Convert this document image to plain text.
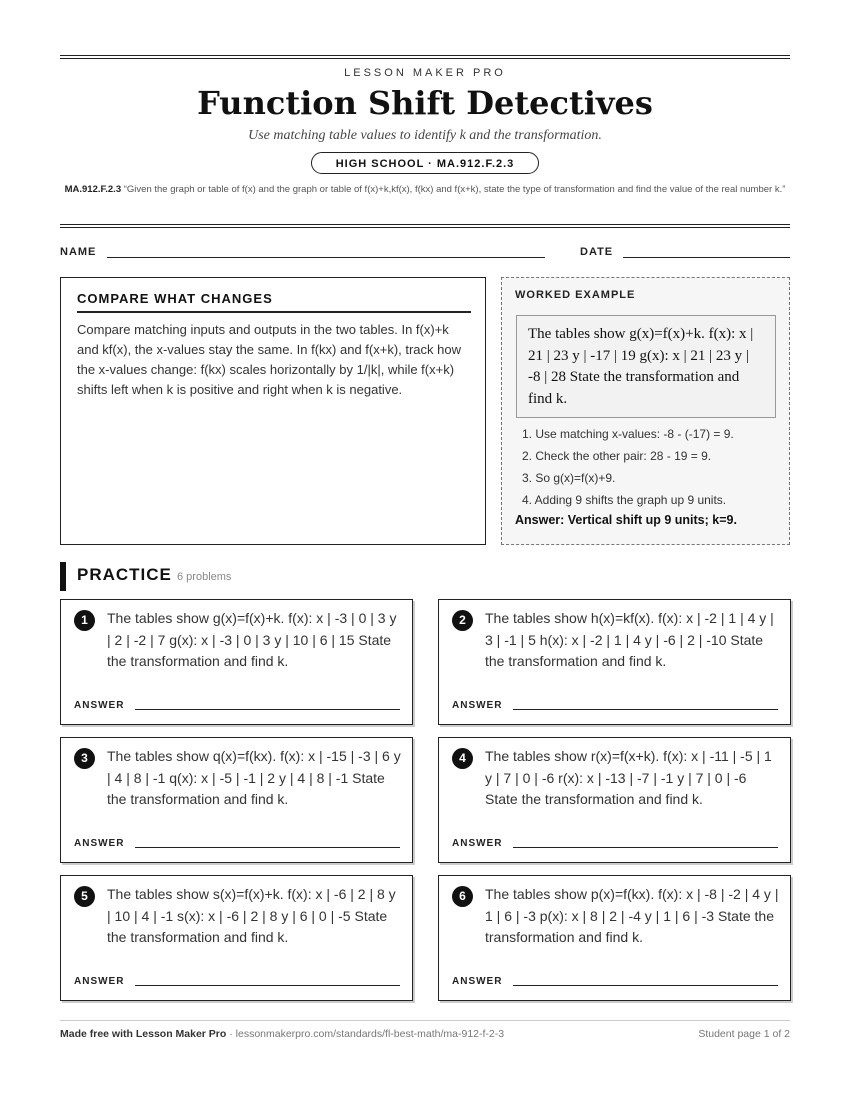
LESSON MAKER PRO
Function Shift Detectives
Use matching table values to identify k and the transformation.
HIGH SCHOOL · MA.912.F.2.3
MA.912.F.2.3 “Given the graph or table of f(x) and the graph or table of f(x)+k,kf(x), f(kx) and f(x+k), state the type of transformation and find the value of the real number k.”
NAME	DATE
COMPARE WHAT CHANGES
Compare matching inputs and outputs in the two tables. In f(x)+k and kf(x), the x-values stay the same. In f(kx) and f(x+k), track how the x-values change: f(kx) scales horizontally by 1/|k|, while f(x+k) shifts left when k is positive and right when k is negative.
WORKED EXAMPLE
The tables show g(x)=f(x)+k. f(x): x | 21 | 23 y | -17 | 19 g(x): x | 21 | 23 y | -8 | 28 State the transformation and find k.
1. Use matching x-values: -8 - (-17) = 9.
2. Check the other pair: 28 - 19 = 9.
3. So g(x)=f(x)+9.
4. Adding 9 shifts the graph up 9 units.
Answer: Vertical shift up 9 units; k=9.
PRACTICE 6 problems
1	The tables show g(x)=f(x)+k. f(x): x | -3 | 0 | 3 y | 2 | -2 | 7 g(x): x | -3 | 0 | 3 y | 10 | 6 | 15 State the transformation and find k.
ANSWER
2	The tables show h(x)=kf(x). f(x): x | -2 | 1 | 4 y | 3 | -1 | 5 h(x): x | -2 | 1 | 4 y | -6 | 2 | -10 State the transformation and find k.
ANSWER
3	The tables show q(x)=f(kx). f(x): x | -15 | -3 | 6 y | 4 | 8 | -1 q(x): x | -5 | -1 | 2 y | 4 | 8 | -1 State the transformation and find k.
ANSWER
4	The tables show r(x)=f(x+k). f(x): x | -11 | -5 | 1 y | 7 | 0 | -6 r(x): x | -13 | -7 | -1 y | 7 | 0 | -6 State the transformation and find k.
ANSWER
5	The tables show s(x)=f(x)+k. f(x): x | -6 | 2 | 8 y | 10 | 4 | -1 s(x): x | -6 | 2 | 8 y | 6 | 0 | -5 State the transformation and find k.
ANSWER
6	The tables show p(x)=f(kx). f(x): x | -8 | -2 | 4 y | 1 | 6 | -3 p(x): x | 8 | 2 | -4 y | 1 | 6 | -3 State the transformation and find k.
ANSWER
Made free with Lesson Maker Pro · lessonmakerpro.com/standards/fl-best-math/ma-912-f-2-3	Student page 1 of 2
